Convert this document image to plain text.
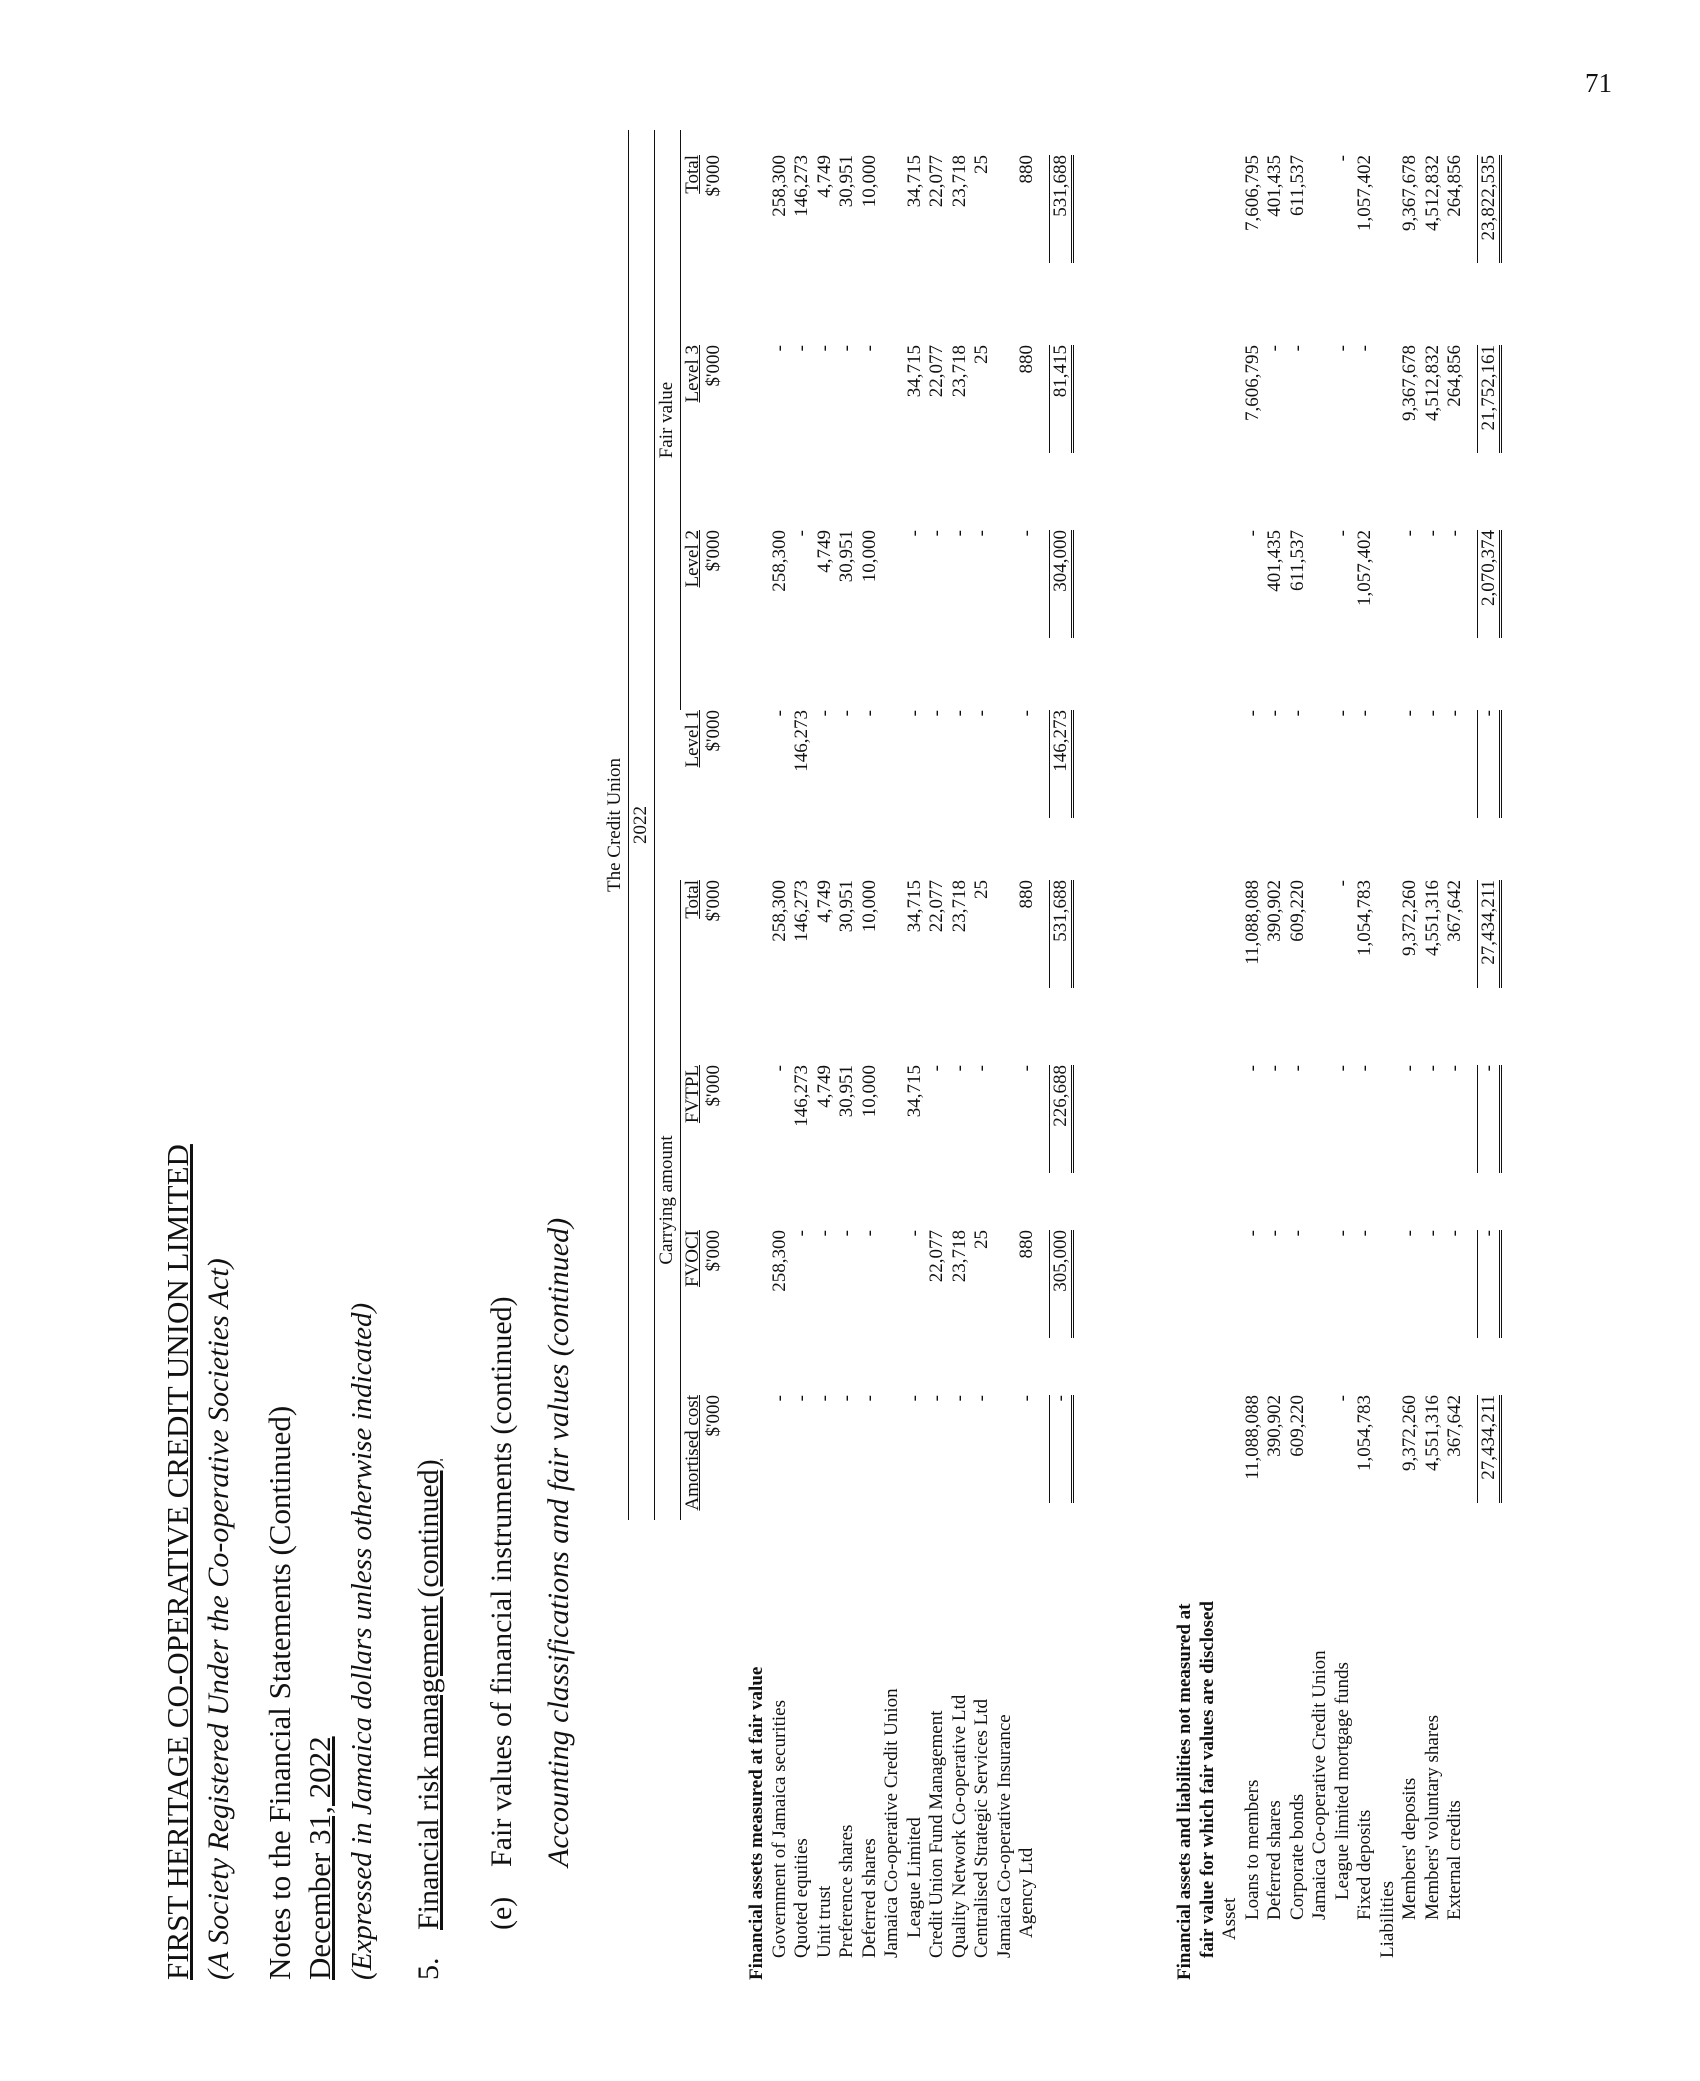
71
FIRST HERITAGE CO-OPERATIVE CREDIT UNION LIMITED (A Society Registered Under the Co-operative Societies Act) Notes to the Financial Statements (Continued) December 31, 2022 (Expressed in Jamaica dollars unless otherwise indicated) 5.
Financial risk management (continued) (e)
Fair values of financial instruments (continued) Accounting classifications and fair values (continued)
The Credit Union 2022
Carrying amount
Fair value
Amortised cost $'000
FVOCI $'000
FVTPL $'000
Total $'000
Level 1 $'000
Level 2 $'000
Level 3 $'000
Total $'000
Financial assets measured at fair value Government of Jamaica securities
-
258,300
-
258,300
-
258,300
-
258,300
Quoted equities
-
-
146,273
146,273
146,273
-
-
146,273
Unit trust
-
-
4,749
4,749
-
4,749
-
4,749
Preference shares
-
-
30,951
30,951
-
30,951
-
30,951
Deferred shares
-
-
10,000
10,000
-
10,000
-
10,000
Jamaica Co-operative Credit Union League Limited
-
-
34,715
34,715
-
-
34,715
34,715
Credit Union Fund Management
-
22,077
-
22,077
-
-
22,077
22,077
Quality Network Co-operative Ltd
-
23,718
-
23,718
-
-
23,718
23,718
Centralised Strategic Services Ltd
-
25
-
25
-
-
25
25
Jamaica Co-operative Insurance Agency Ltd
-
880
-
880
-
-
880
880
-
305,000
226,688
531,688
146,273
304,000
81,415
531,688
Financial assets and liabilities not measured at fair value for which fair values are disclosed Asset Loans to members
11,088,088
-
-
11,088,088
-
-
7,606,795
7,606,795
Deferred shares
390,902
-
-
390,902
-
401,435
-
401,435
Corporate bonds
609,220
-
-
609,220
-
611,537
-
611,537
Jamaica Co-operative Credit Union League limited mortgage funds
-
-
-
-
-
-
-
-
Fixed deposits
1,054,783
-
-
1,054,783
-
1,057,402
-
1,057,402
Liabilities Members' deposits
9,372,260
-
-
9,372,260
-
-
9,367,678
9,367,678
Members' voluntary shares
4,551,316
-
-
4,551,316
-
-
4,512,832
4,512,832
External credits
367,642
-
-
367,642
-
-
264,856
264,856
27,434,211
-
-
27,434,211
-
2,070,374
21,752,161
23,822,535
